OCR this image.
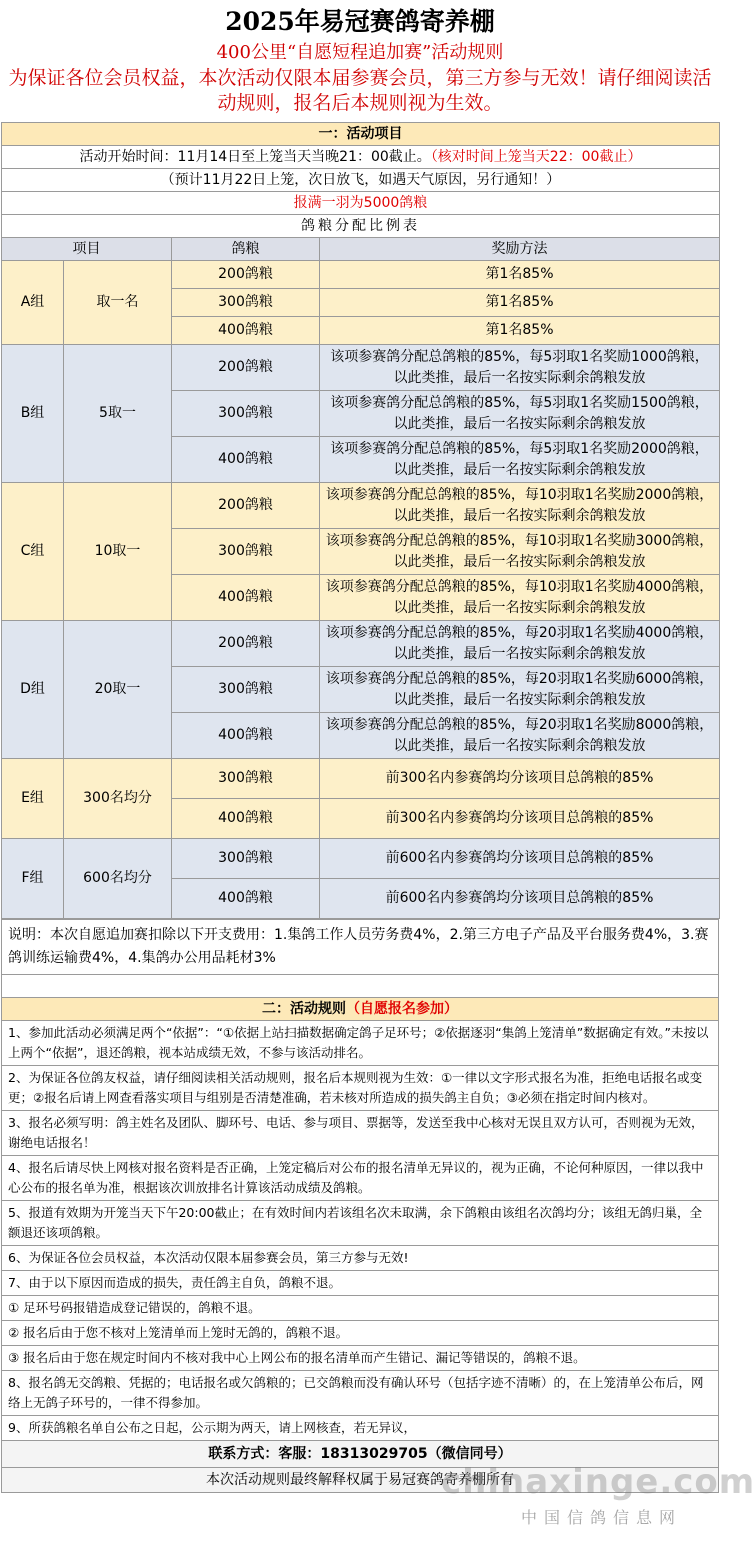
2025年易冠赛鸽寄养棚
400公里“自愿短程追加赛”活动规则
为保证各位会员权益，本次活动仅限本届参赛会员，第三方参与无效！请仔细阅读活动规则，报名后本规则视为生效。
一：活动项目			
活动开始时间：11月14日至上笼当天当晚21：00截止。（核对时间上笼当天22：00截止）			
（预计11月22日上笼，次日放飞，如遇天气原因，另行通知！）			
报满一羽为5000鸽粮			
鸽粮分配比例表			
项目		鸽粮	奖励方法
A组	取一名	200鸽粮	第1名85%
		300鸽粮	第1名85%
		400鸽粮	第1名85%
B组	5取一	200鸽粮	该项参赛鸽分配总鸽粮的85%，每5羽取1名奖励1000鸽粮，以此类推，最后一名按实际剩余鸽粮发放
		300鸽粮	该项参赛鸽分配总鸽粮的85%，每5羽取1名奖励1500鸽粮，以此类推，最后一名按实际剩余鸽粮发放
		400鸽粮	该项参赛鸽分配总鸽粮的85%，每5羽取1名奖励2000鸽粮，以此类推，最后一名按实际剩余鸽粮发放
C组	10取一	200鸽粮	该项参赛鸽分配总鸽粮的85%，每10羽取1名奖励2000鸽粮，以此类推，最后一名按实际剩余鸽粮发放
		300鸽粮	该项参赛鸽分配总鸽粮的85%，每10羽取1名奖励3000鸽粮，以此类推，最后一名按实际剩余鸽粮发放
		400鸽粮	该项参赛鸽分配总鸽粮的85%，每10羽取1名奖励4000鸽粮，以此类推，最后一名按实际剩余鸽粮发放
D组	20取一	200鸽粮	该项参赛鸽分配总鸽粮的85%，每20羽取1名奖励4000鸽粮，以此类推，最后一名按实际剩余鸽粮发放
		300鸽粮	该项参赛鸽分配总鸽粮的85%，每20羽取1名奖励6000鸽粮，以此类推，最后一名按实际剩余鸽粮发放
		400鸽粮	该项参赛鸽分配总鸽粮的85%，每20羽取1名奖励8000鸽粮，以此类推，最后一名按实际剩余鸽粮发放
E组	300名均分	300鸽粮	前300名内参赛鸽均分该项目总鸽粮的85%
		400鸽粮	前300名内参赛鸽均分该项目总鸽粮的85%
F组	600名均分	300鸽粮	前600名内参赛鸽均分该项目总鸽粮的85%
		400鸽粮	前600名内参赛鸽均分该项目总鸽粮的85%
说明：本次自愿追加赛扣除以下开支费用：1.集鸽工作人员劳务费4%，2.第三方电子产品及平台服务费4%，3.赛鸽训练运输费4%，4.集鸽办公用品耗材3%

二：活动规则（自愿报名参加）
1、参加此活动必须满足两个“依据”：“①依据上站扫描数据确定鸽子足环号；②依据逐羽“集鸽上笼清单”数据确定有效。”未按以上两个“依据”，退还鸽粮，视本站成绩无效，不参与该活动排名。
2、为保证各位鸽友权益，请仔细阅读相关活动规则，报名后本规则视为生效：①一律以文字形式报名为准，拒绝电话报名或变更；②报名后请上网查看落实项目与组别是否清楚准确，若未核对所造成的损失鸽主自负；③必须在指定时间内核对。
3、报名必须写明：鸽主姓名及团队、脚环号、电话、参与项目、票据等，发送至我中心核对无误且双方认可，否则视为无效，谢绝电话报名！
4、报名后请尽快上网核对报名资料是否正确，上笼定稿后对公布的报名清单无异议的，视为正确，不论何种原因，一律以我中心公布的报名单为准，根据该次训放排名计算该活动成绩及鸽粮。
5、报道有效期为开笼当天下午20:00截止；在有效时间内若该组名次未取满，余下鸽粮由该组名次鸽均分；该组无鸽归巢，全额退还该项鸽粮。
6、为保证各位会员权益，本次活动仅限本届参赛会员，第三方参与无效!
7、由于以下原因而造成的损失，责任鸽主自负，鸽粮不退。
① 足环号码报错造成登记错误的，鸽粮不退。
② 报名后由于您不核对上笼清单而上笼时无鸽的，鸽粮不退。
③ 报名后由于您在规定时间内不核对我中心上网公布的报名清单而产生错记、漏记等错误的，鸽粮不退。
8、报名鸽无交鸽粮、凭据的；电话报名或欠鸽粮的；已交鸽粮而没有确认环号（包括字迹不清晰）的，在上笼清单公布后，网络上无鸽子环号的，一律不得参加。
9、所获鸽粮名单自公布之日起，公示期为两天，请上网核查，若无异议，
联系方式：客服：18313029705（微信同号）
本次活动规则最终解释权属于易冠赛鸽寄养棚所有
chinaxinge.com
中国信鸽信息网
